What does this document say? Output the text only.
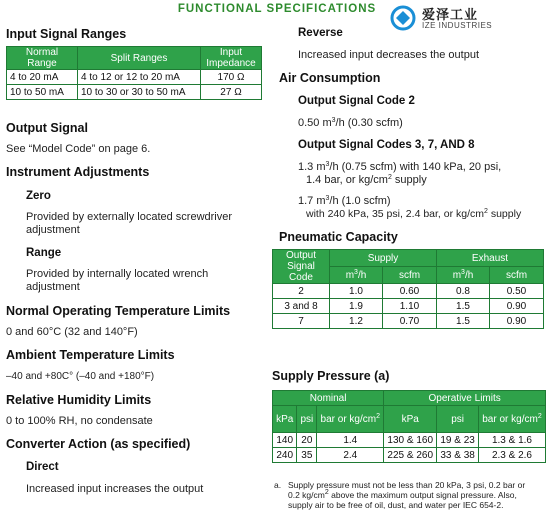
FUNCTIONAL SPECIFICATIONS	爱泽工业
IZE INDUSTRIES
Input Signal Ranges
Normal Range	Split Ranges	Input Impedance
4 to 20 mA	4 to 12 or 12 to 20 mA	170 Ω
10 to 50 mA	10 to 30 or 30 to 50 mA	27 Ω
Output Signal
See “Model Code” on page 6.
Instrument Adjustments
Zero
Provided by externally located screwdriver adjustment
Range
Provided by internally located wrench adjustment
Normal Operating Temperature Limits
0 and 60°C (32 and 140°F)
Ambient Temperature Limits
–40 and +80C° (–40 and +180°F)
Relative Humidity Limits
0 to 100% RH, no condensate
Converter Action (as specified)
Direct
Increased input increases the output
Reverse
Increased input decreases the output
Air Consumption
Output Signal Code 2
0.50 $m^3/h$ (0.30 scfm)
Output Signal Codes 3, 7, AND 8
1.3 $m^3/h$ (0.75 scfm) with 140 kPa, 20 psi,
1.4 bar, or $kg/cm^2$ supply
1.7 $m^3/h$ (1.0 scfm)
with 240 kPa, 35 psi, 2.4 bar, or $kg/cm^2$ supply
Pneumatic Capacity
Output Signal Code	Supply		Exhaust	
	$m^3/h$	scfm	$m^3/h$	scfm
2	1.0	0.60	0.8	0.50
3 and 8	1.9	1.10	1.5	0.90
7	1.2	0.70	1.5	0.90
Supply Pressure (a)
Nominal			Operative Limits		
kPa	psi	bar or $kg/cm^2$	kPa	psi	bar or $kg/cm^2$
140	20	1.4	130 & 160	19 & 23	1.3 & 1.6
240	35	2.4	225 & 260	33 & 38	2.3 & 2.6
a. Supply pressure must not be less than 20 kPa, 3 psi, 0.2 bar or
0.2 $kg/cm^2$ above the maximum output signal pressure. Also,
supply air to be free of oil, dust, and water per IEC 654-2.
